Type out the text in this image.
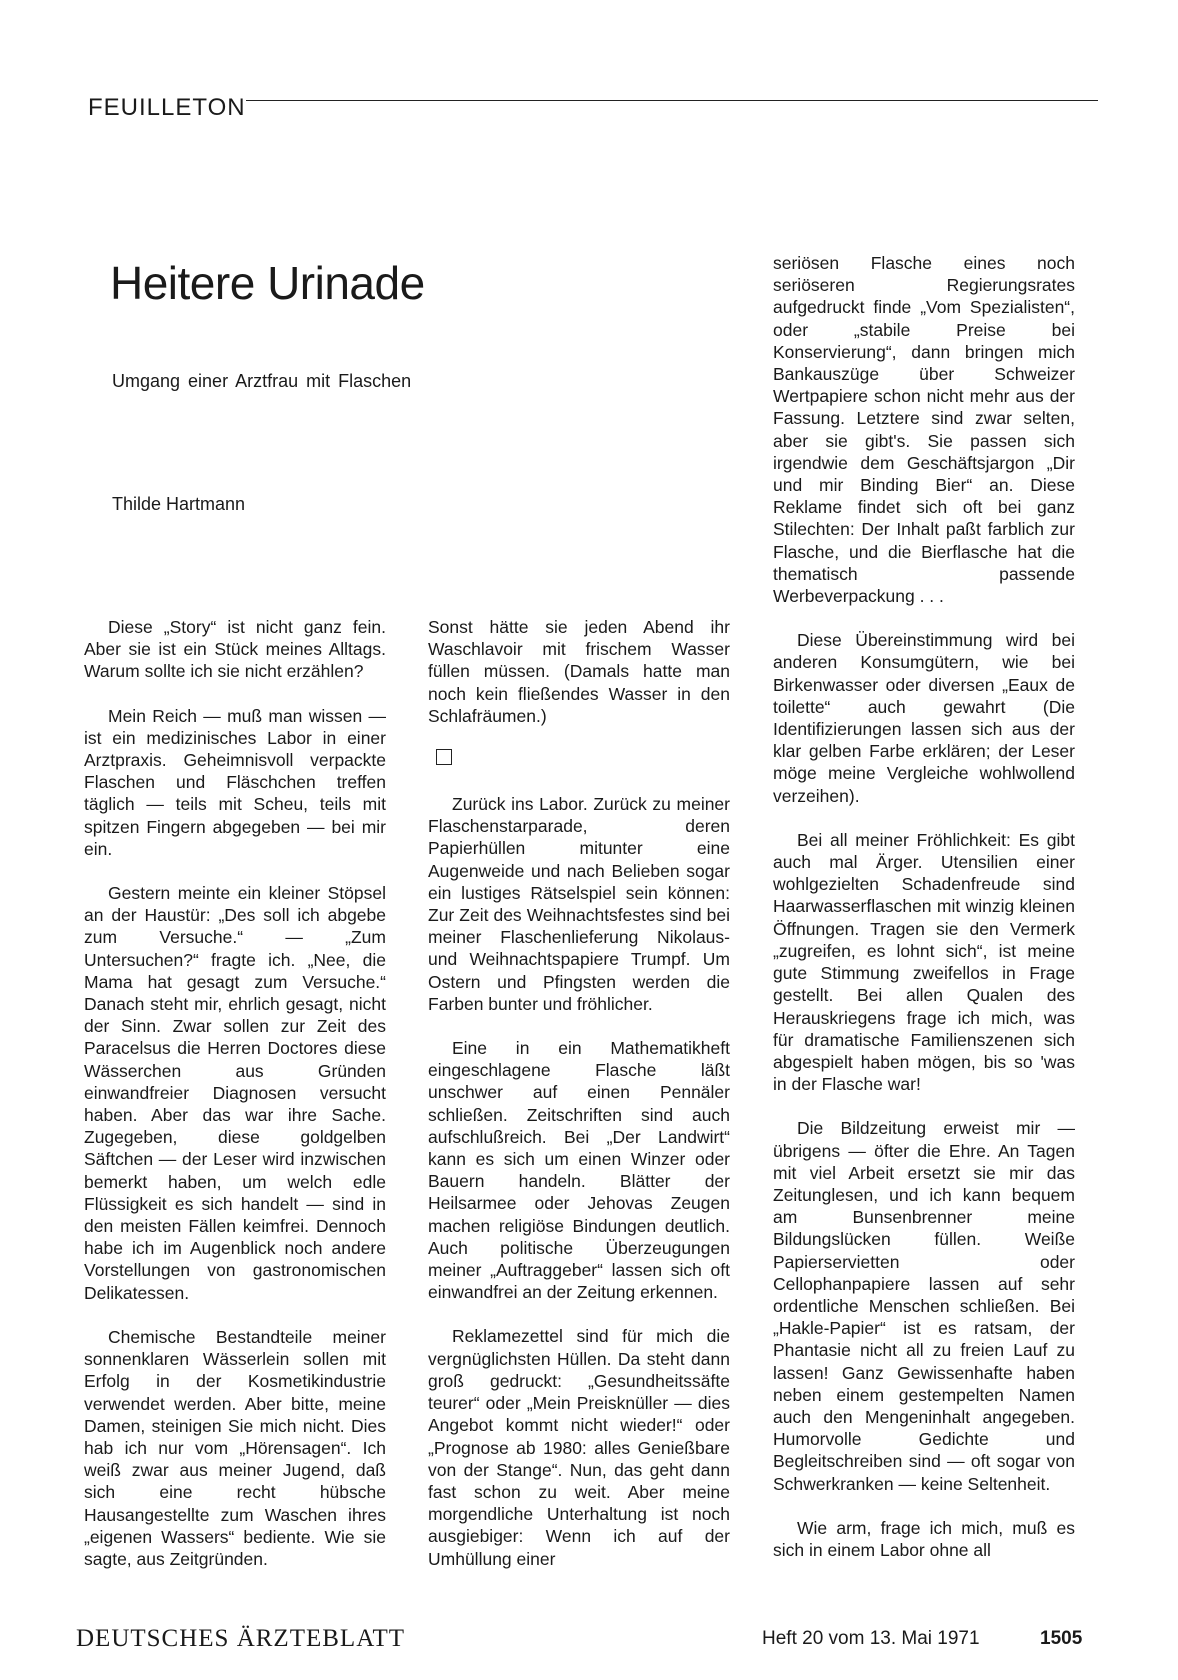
FEUILLETON
Heitere Urinade
Umgang einer Arztfrau mit Flaschen
Thilde Hartmann

Diese „Story“ ist nicht ganz fein. Aber sie ist ein Stück meines Alltags. Warum sollte ich sie nicht erzählen?

Mein Reich — muß man wissen — ist ein medizinisches Labor in einer Arztpraxis. Geheimnisvoll verpackte Flaschen und Fläschchen treffen täglich — teils mit Scheu, teils mit spitzen Fingern abgegeben — bei mir ein.

Gestern meinte ein kleiner Stöpsel an der Haustür: „Des soll ich abgebe zum Versuche.“ — „Zum Untersuchen?“ fragte ich. „Nee, die Mama hat gesagt zum Versuche.“ Danach steht mir, ehrlich gesagt, nicht der Sinn. Zwar sollen zur Zeit des Paracelsus die Herren Doctores diese Wässerchen aus Gründen einwandfreier Diagnosen versucht haben. Aber das war ihre Sache. Zugegeben, diese goldgelben Säftchen — der Leser wird inzwischen bemerkt haben, um welch edle Flüssigkeit es sich handelt — sind in den meisten Fällen keimfrei. Dennoch habe ich im Augenblick noch andere Vorstellungen von gastronomischen Delikatessen.

Chemische Bestandteile meiner sonnenklaren Wässerlein sollen mit Erfolg in der Kosmetikindustrie verwendet werden. Aber bitte, meine Damen, steinigen Sie mich nicht. Dies hab ich nur vom „Hörensagen“. Ich weiß zwar aus meiner Jugend, daß sich eine recht hübsche Hausangestellte zum Waschen ihres „eigenen Wassers“ bediente. Wie sie sagte, aus Zeitgründen.

Sonst hätte sie jeden Abend ihr Waschlavoir mit frischem Wasser füllen müssen. (Damals hatte man noch kein fließendes Wasser in den Schlafräumen.)

Zurück ins Labor. Zurück zu meiner Flaschenstarparade, deren Papierhüllen mitunter eine Augenweide und nach Belieben sogar ein lustiges Rätselspiel sein können: Zur Zeit des Weihnachtsfestes sind bei meiner Flaschenlieferung Nikolaus- und Weihnachtspapiere Trumpf. Um Ostern und Pfingsten werden die Farben bunter und fröhlicher.

Eine in ein Mathematikheft eingeschlagene Flasche läßt unschwer auf einen Pennäler schließen. Zeitschriften sind auch aufschlußreich. Bei „Der Landwirt“ kann es sich um einen Winzer oder Bauern handeln. Blätter der Heilsarmee oder Jehovas Zeugen machen religiöse Bindungen deutlich. Auch politische Überzeugungen meiner „Auftraggeber“ lassen sich oft einwandfrei an der Zeitung erkennen.

Reklamezettel sind für mich die vergnüglichsten Hüllen. Da steht dann groß gedruckt: „Gesundheitssäfte teurer“ oder „Mein Preisknüller — dies Angebot kommt nicht wieder!“ oder „Prognose ab 1980: alles Genießbare von der Stange“. Nun, das geht dann fast schon zu weit. Aber meine morgendliche Unterhaltung ist noch ausgiebiger: Wenn ich auf der Umhüllung einer

seriösen Flasche eines noch seriöseren Regierungsrates aufgedruckt finde „Vom Spezialisten“, oder „stabile Preise bei Konservierung“, dann bringen mich Bankauszüge über Schweizer Wertpapiere schon nicht mehr aus der Fassung. Letztere sind zwar selten, aber sie gibt's. Sie passen sich irgendwie dem Geschäftsjargon „Dir und mir Binding Bier“ an. Diese Reklame findet sich oft bei ganz Stilechten: Der Inhalt paßt farblich zur Flasche, und die Bierflasche hat die thematisch passende Werbeverpackung . . .

Diese Übereinstimmung wird bei anderen Konsumgütern, wie bei Birkenwasser oder diversen „Eaux de toilette“ auch gewahrt (Die Identifizierungen lassen sich aus der klar gelben Farbe erklären; der Leser möge meine Vergleiche wohlwollend verzeihen).

Bei all meiner Fröhlichkeit: Es gibt auch mal Ärger. Utensilien einer wohlgezielten Schadenfreude sind Haarwasserflaschen mit winzig kleinen Öffnungen. Tragen sie den Vermerk „zugreifen, es lohnt sich“, ist meine gute Stimmung zweifellos in Frage gestellt. Bei allen Qualen des Herauskriegens frage ich mich, was für dramatische Familienszenen sich abgespielt haben mögen, bis so 'was in der Flasche war!

Die Bildzeitung erweist mir — übrigens — öfter die Ehre. An Tagen mit viel Arbeit ersetzt sie mir das Zeitunglesen, und ich kann bequem am Bunsenbrenner meine Bildungslücken füllen. Weiße Papierservietten oder Cellophanpapiere lassen auf sehr ordentliche Menschen schließen. Bei „Hakle-Papier“ ist es ratsam, der Phantasie nicht all zu freien Lauf zu lassen! Ganz Gewissenhafte haben neben einem gestempelten Namen auch den Mengeninhalt angegeben. Humorvolle Gedichte und Begleitschreiben sind — oft sogar von Schwerkranken — keine Seltenheit.

Wie arm, frage ich mich, muß es sich in einem Labor ohne all

DEUTSCHES ÄRZTEBLATT	Heft 20 vom 13. Mai 1971	1505
